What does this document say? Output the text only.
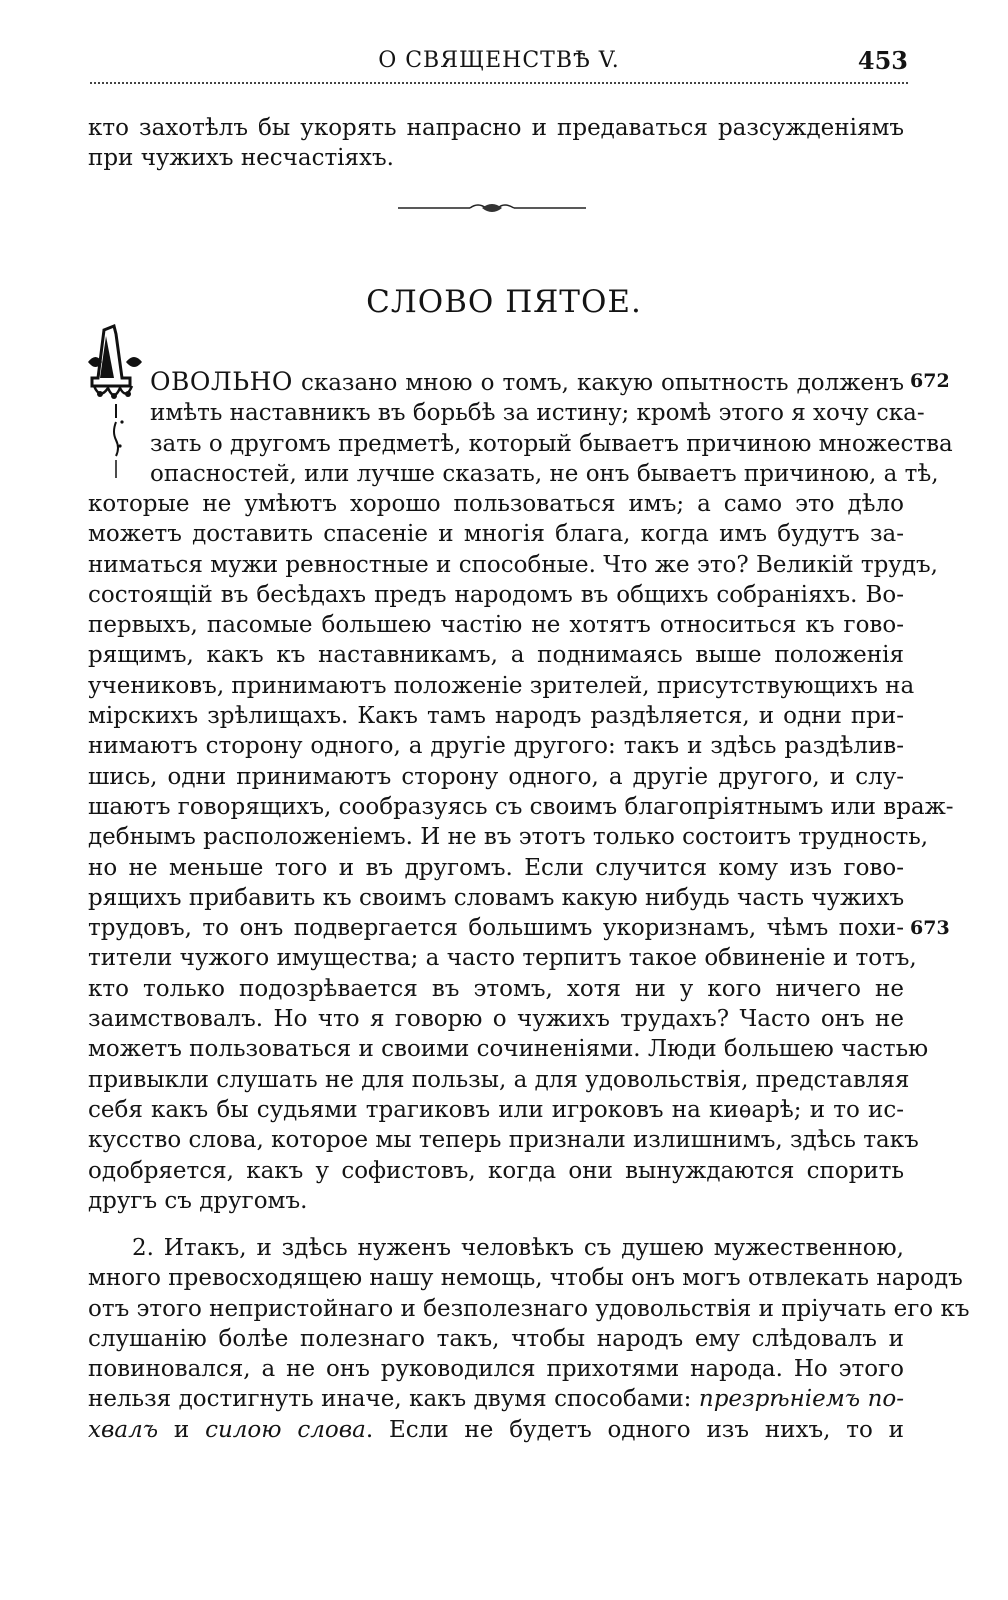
О СВЯЩЕНСТВѢ V.	453
кто захотѣлъ бы укорять напрасно и предаваться разсужденіямъ
при чужихъ несчастіяхъ.
СЛОВО ПЯТОЕ.
ОВОЛЬНО сказано мною о томъ, какую опытность долженъ
имѣть наставникъ въ борьбѣ за истину; кромѣ этого я хочу ска-
зать о другомъ предметѣ, который бываетъ причиною множества
опасностей, или лучше сказать, не онъ бываетъ причиною, а тѣ,
672
673
которые не умѣютъ хорошо пользоваться имъ; а само это дѣло
можетъ доставить спасеніе и многія блага, когда имъ будутъ за-
ниматься мужи ревностные и способные. Что же это? Великій трудъ,
состоящій въ бесѣдахъ предъ народомъ въ общихъ собраніяхъ. Во-
первыхъ, пасомые большею частію не хотятъ относиться къ гово-
рящимъ, какъ къ наставникамъ, а поднимаясь выше положенія
учениковъ, принимаютъ положеніе зрителей, присутствующихъ на
мірскихъ зрѣлищахъ. Какъ тамъ народъ раздѣляется, и одни при-
нимаютъ сторону одного, а другіе другого: такъ и здѣсь раздѣлив-
шись, одни принимаютъ сторону одного, а другіе другого, и слу-
шаютъ говорящихъ, сообразуясь съ своимъ благопріятнымъ или враж-
дебнымъ расположеніемъ. И не въ этотъ только состоитъ трудность,
но не меньше того и въ другомъ. Если случится кому изъ гово-
рящихъ прибавить къ своимъ словамъ какую нибудь часть чужихъ
трудовъ, то онъ подвергается большимъ укоризнамъ, чѣмъ похи-
тители чужого имущества; а часто терпитъ такое обвиненіе и тотъ,
кто только подозрѣвается въ этомъ, хотя ни у кого ничего не
заимствовалъ. Но что я говорю о чужихъ трудахъ? Часто онъ не
можетъ пользоваться и своими сочиненіями. Люди большею частью
привыкли слушать не для пользы, а для удовольствія, представляя
себя какъ бы судьями трагиковъ или игроковъ на киѳарѣ; и то ис-
кусство слова, которое мы теперь признали излишнимъ, здѣсь такъ
одобряется, какъ у софистовъ, когда они вынуждаются спорить
другъ съ другомъ.
2. Итакъ, и здѣсь нуженъ человѣкъ съ душею мужественною,
много превосходящею нашу немощь, чтобы онъ могъ отвлекать народъ
отъ этого непристойнаго и безполезнаго удовольствія и пріучать его къ
слушанію болѣе полезнаго такъ, чтобы народъ ему слѣдовалъ и
повиновался, а не онъ руководился прихотями народа. Но этого
нельзя достигнуть иначе, какъ двумя способами: презрѣніемъ по-
хвалъ и силою слова. Если не будетъ одного изъ нихъ, то и
